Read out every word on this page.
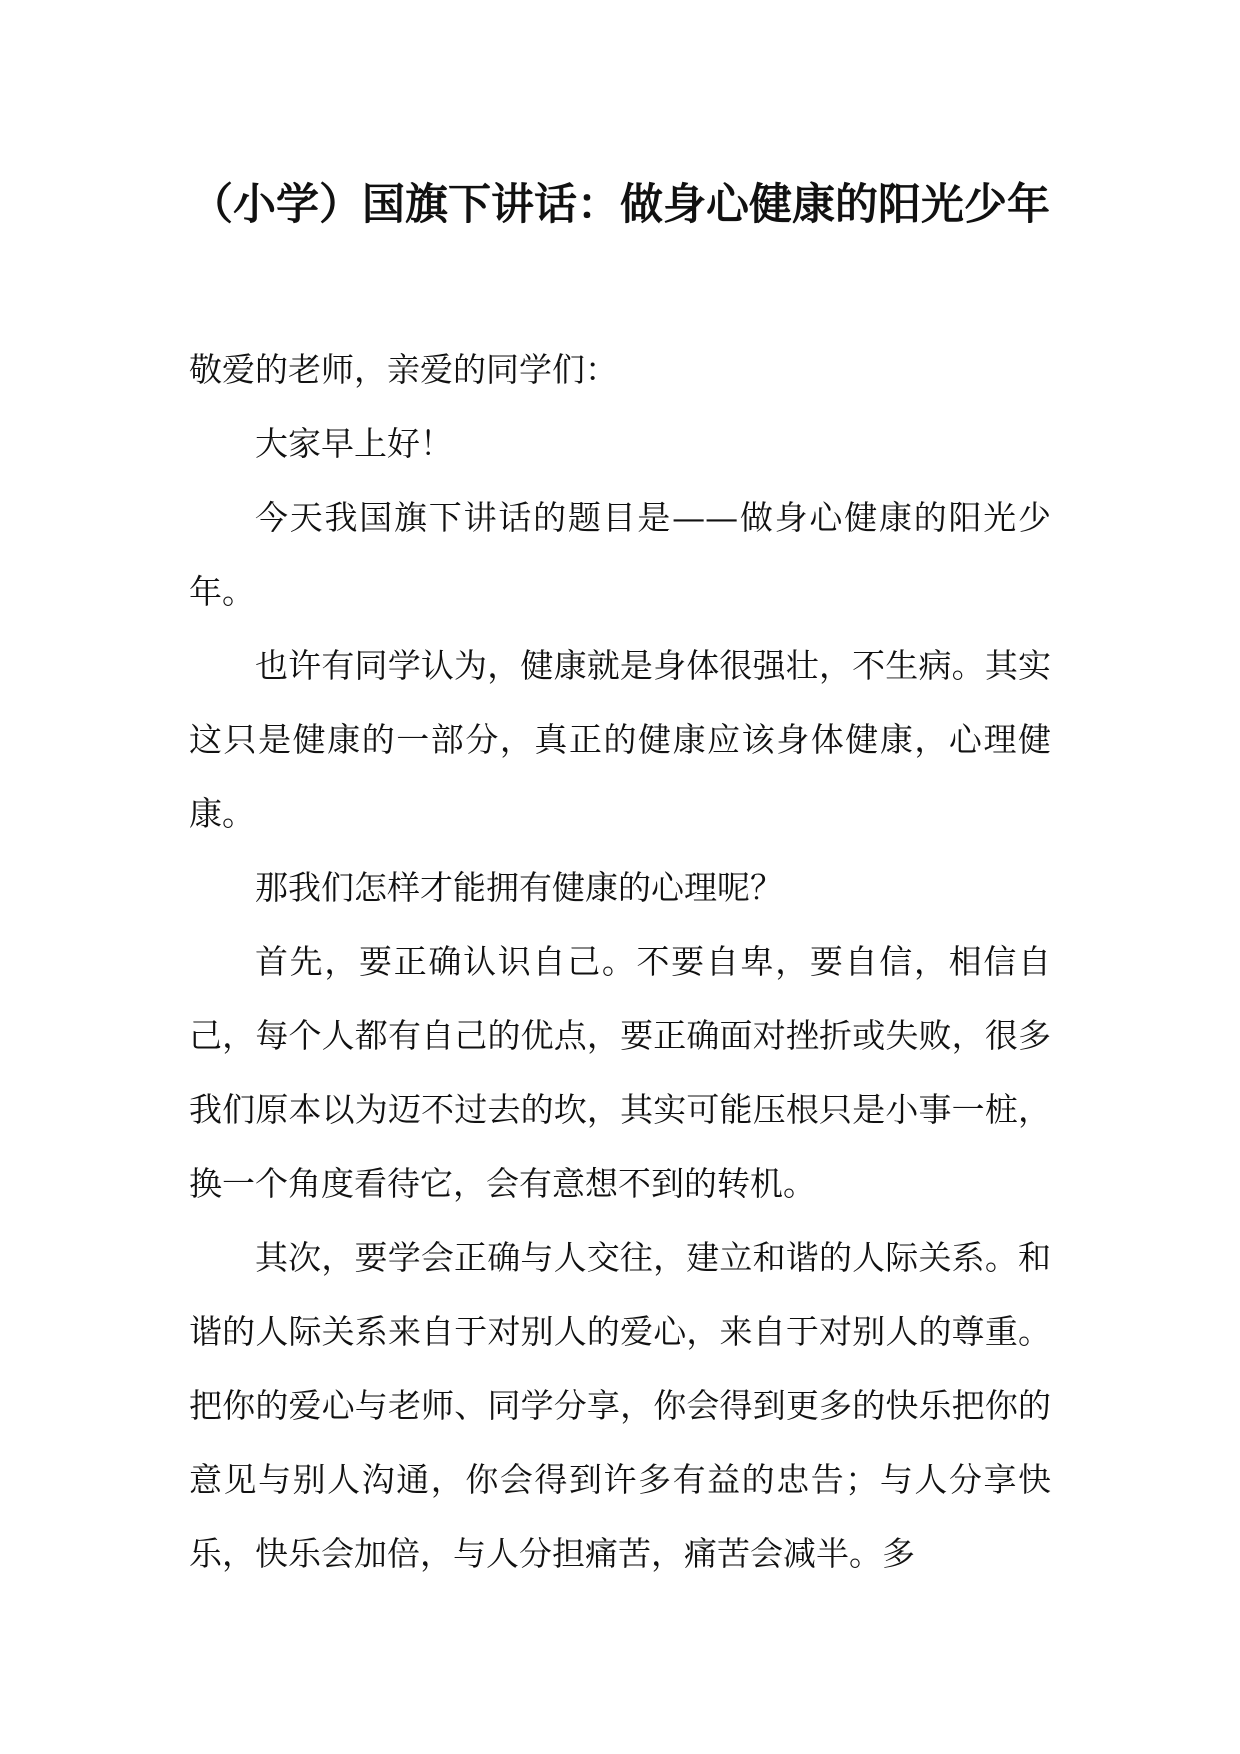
（小学）国旗下讲话：做身心健康的阳光少年

敬爱的老师，亲爱的同学们：

大家早上好！

今天我国旗下讲话的题目是——做身心健康的阳光少年。

也许有同学认为，健康就是身体很强壮，不生病。其实这只是健康的一部分，真正的健康应该身体健康，心理健康。

那我们怎样才能拥有健康的心理呢？

首先，要正确认识自己。不要自卑，要自信，相信自己，每个人都有自己的优点，要正确面对挫折或失败，很多我们原本以为迈不过去的坎，其实可能压根只是小事一桩，换一个角度看待它，会有意想不到的转机。

其次，要学会正确与人交往，建立和谐的人际关系。和谐的人际关系来自于对别人的爱心，来自于对别人的尊重。把你的爱心与老师、同学分享，你会得到更多的快乐把你的意见与别人沟通，你会得到许多有益的忠告；与人分享快乐，快乐会加倍，与人分担痛苦，痛苦会减半。多
